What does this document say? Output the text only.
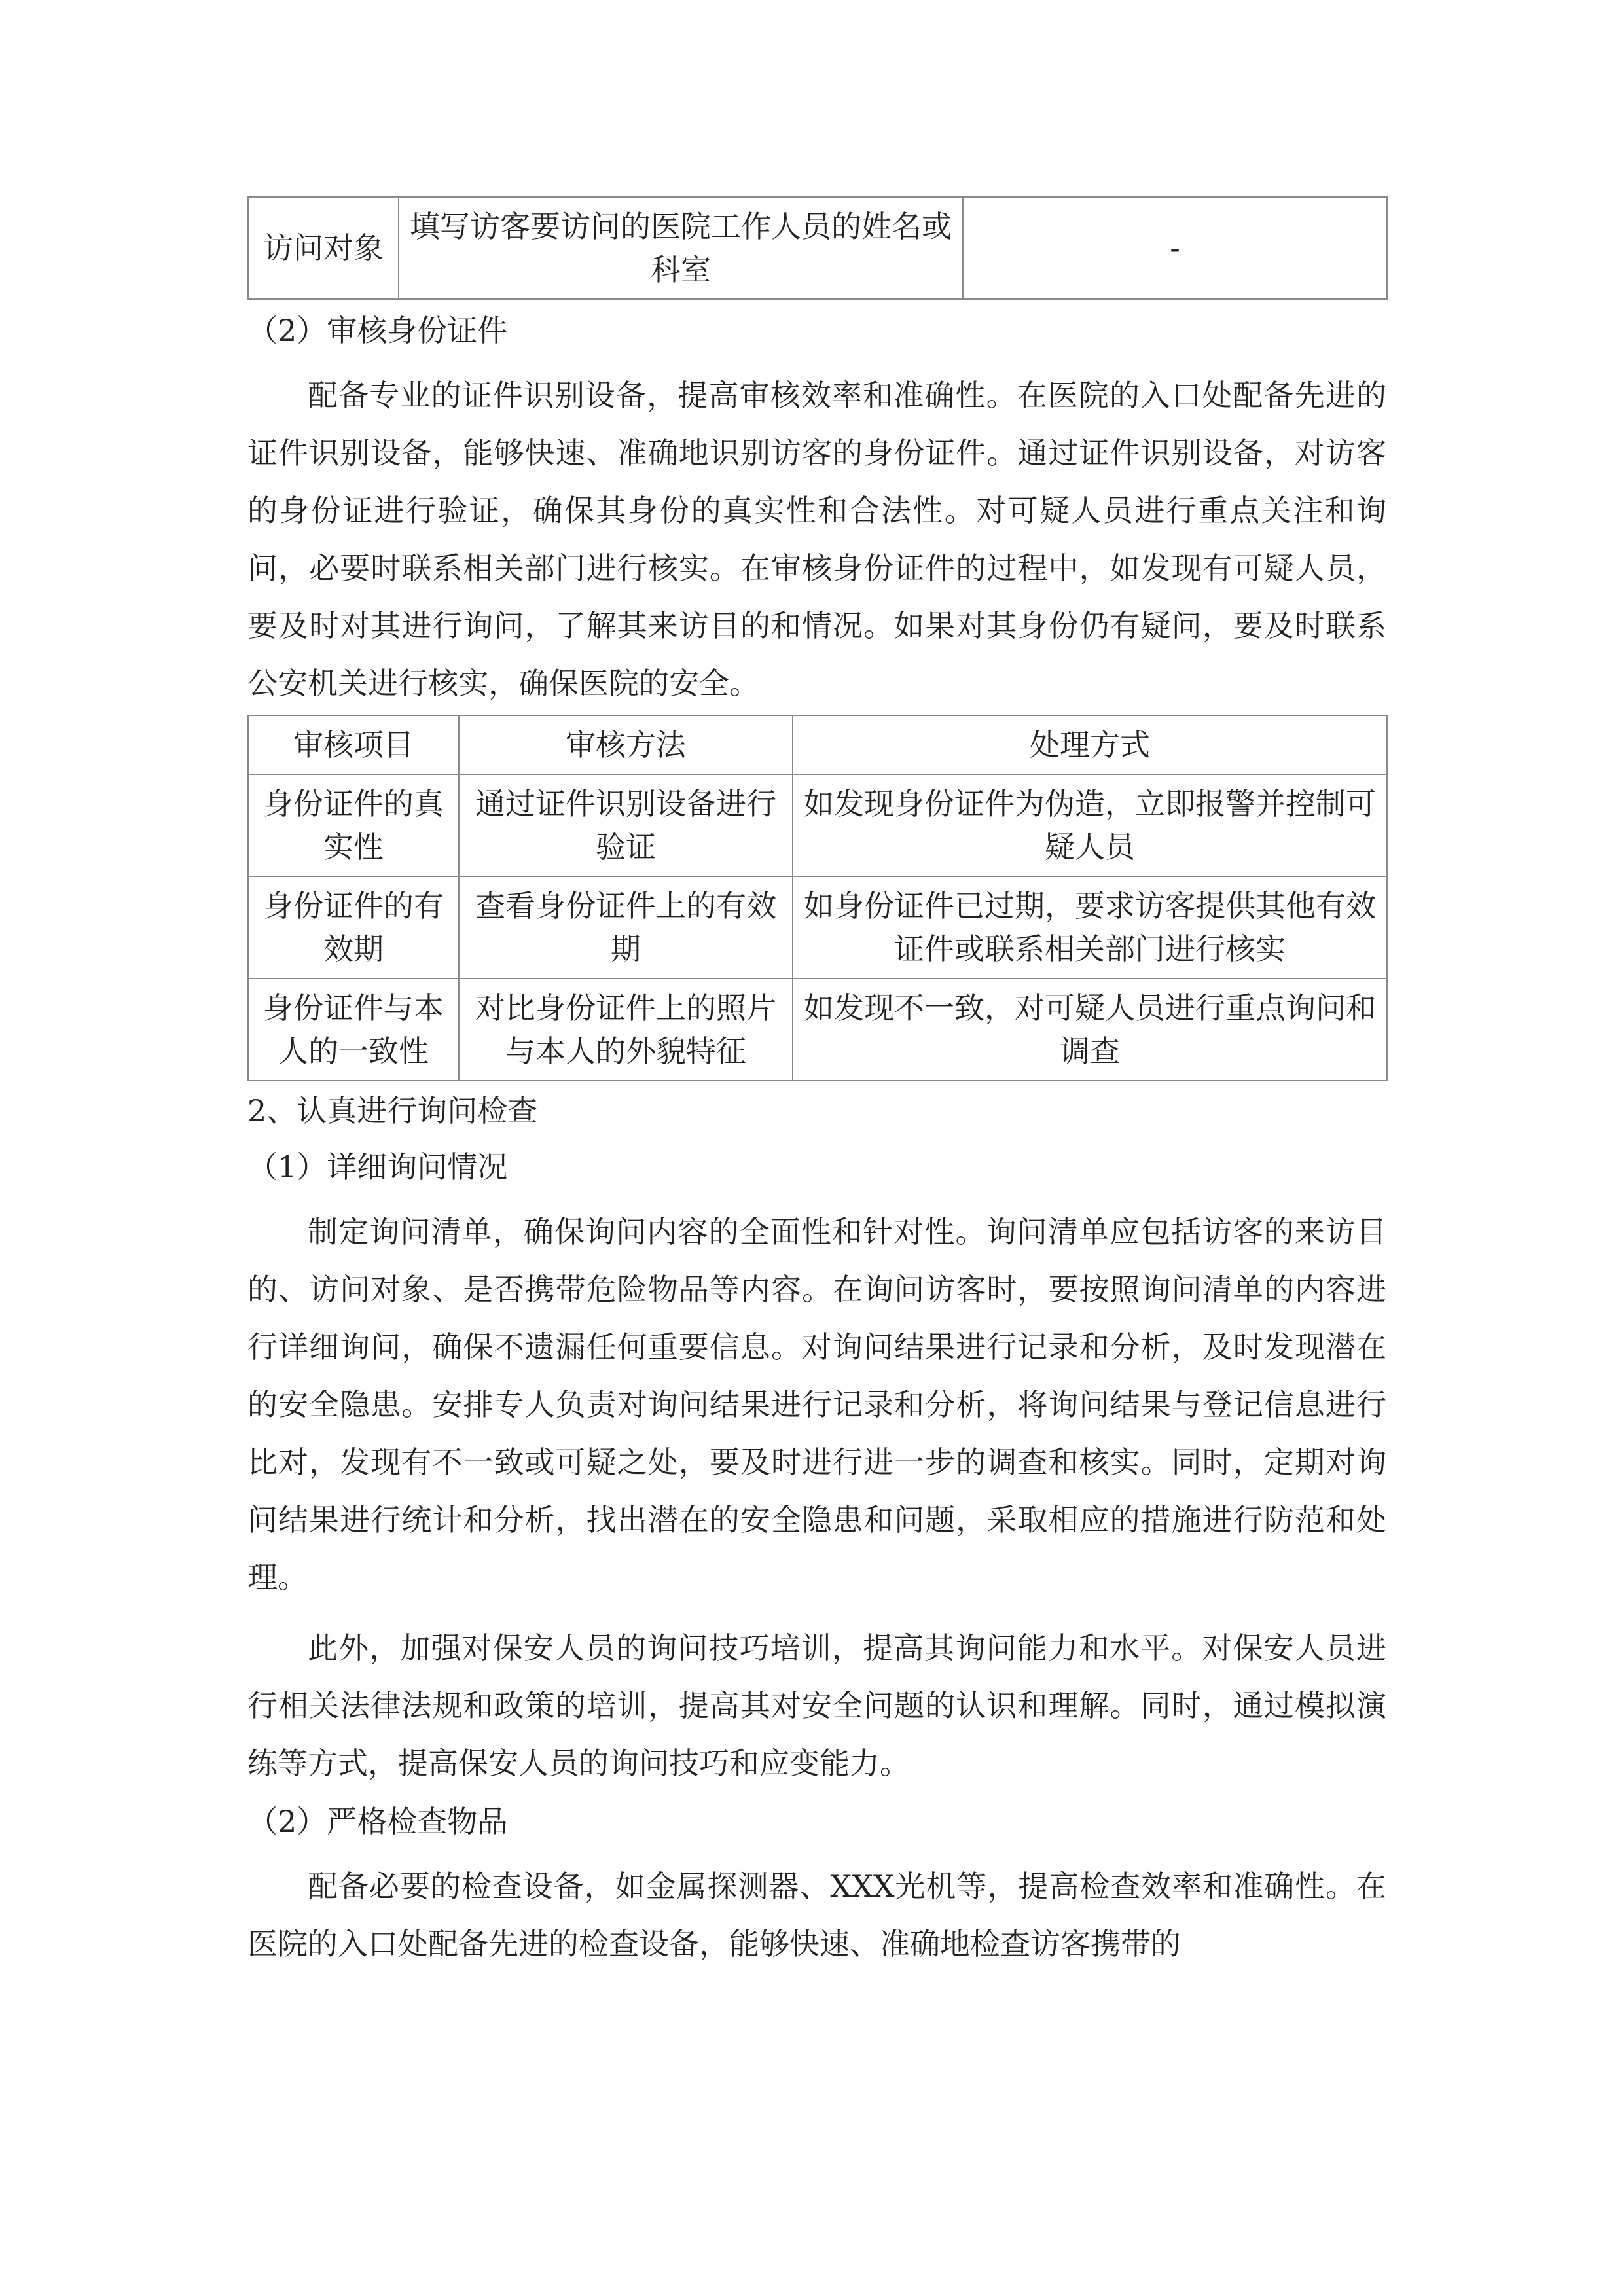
访问对象	填写访客要访问的医院工作人员的姓名或科室	-

（2）审核身份证件

配备专业的证件识别设备，提高审核效率和准确性。在医院的入口处配备先进的证件识别设备，能够快速、准确地识别访客的身份证件。通过证件识别设备，对访客的身份证进行验证，确保其身份的真实性和合法性。对可疑人员进行重点关注和询问，必要时联系相关部门进行核实。在审核身份证件的过程中，如发现有可疑人员，要及时对其进行询问，了解其来访目的和情况。如果对其身份仍有疑问，要及时联系公安机关进行核实，确保医院的安全。

审核项目	审核方法	处理方式
身份证件的真实性	通过证件识别设备进行验证	如发现身份证件为伪造，立即报警并控制可疑人员
身份证件的有效期	查看身份证件上的有效期	如身份证件已过期，要求访客提供其他有效证件或联系相关部门进行核实
身份证件与本人的一致性	对比身份证件上的照片与本人的外貌特征	如发现不一致，对可疑人员进行重点询问和调查

2、认真进行询问检查

（1）详细询问情况

制定询问清单，确保询问内容的全面性和针对性。询问清单应包括访客的来访目的、访问对象、是否携带危险物品等内容。在询问访客时，要按照询问清单的内容进行详细询问，确保不遗漏任何重要信息。对询问结果进行记录和分析，及时发现潜在的安全隐患。安排专人负责对询问结果进行记录和分析，将询问结果与登记信息进行比对，发现有不一致或可疑之处，要及时进行进一步的调查和核实。同时，定期对询问结果进行统计和分析，找出潜在的安全隐患和问题，采取相应的措施进行防范和处理。

此外，加强对保安人员的询问技巧培训，提高其询问能力和水平。对保安人员进行相关法律法规和政策的培训，提高其对安全问题的认识和理解。同时，通过模拟演练等方式，提高保安人员的询问技巧和应变能力。

（2）严格检查物品

配备必要的检查设备，如金属探测器、XXX光机等，提高检查效率和准确性。在医院的入口处配备先进的检查设备，能够快速、准确地检查访客携带的
